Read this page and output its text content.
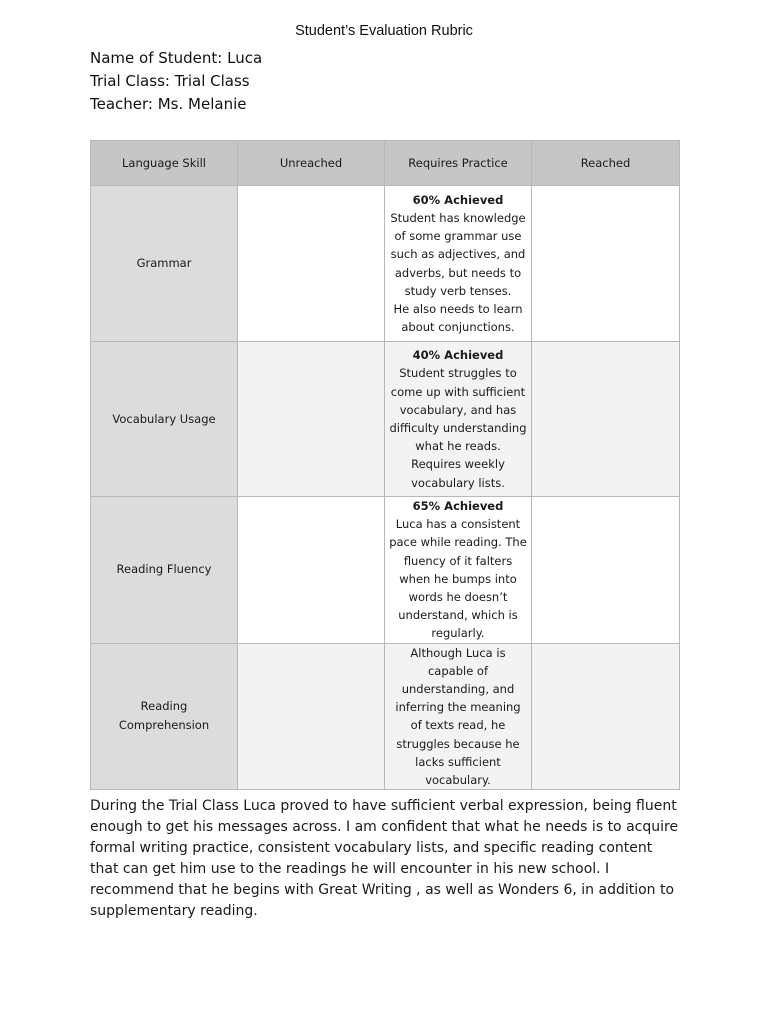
Student’s Evaluation Rubric
Name of Student: Luca
Trial Class: Trial Class
Teacher: Ms. Melanie
Language Skill	Unreached	Requires Practice	Reached
Grammar		60% Achieved
Student has knowledge of some grammar use such as adjectives, and adverbs, but needs to study verb tenses.
He also needs to learn about conjunctions.	

Vocabulary Usage		40% Achieved
Student struggles to come up with sufficient vocabulary, and has difficulty understanding what he reads.
Requires weekly vocabulary lists.	

Reading Fluency		65% Achieved
Luca has a consistent pace while reading. The fluency of it falters when he bumps into words he doesn’t understand, which is regularly.	

Reading Comprehension		Although Luca is capable of understanding, and inferring the meaning of texts read, he struggles because he lacks sufficient vocabulary.	

During the Trial Class Luca proved to have sufficient verbal expression, being fluent enough to get his messages across. I am confident that what he needs is to acquire formal writing practice, consistent vocabulary lists, and specific reading content that can get him use to the readings he will encounter in his new school. I recommend that he begins with Great Writing , as well as Wonders 6, in addition to supplementary reading.
